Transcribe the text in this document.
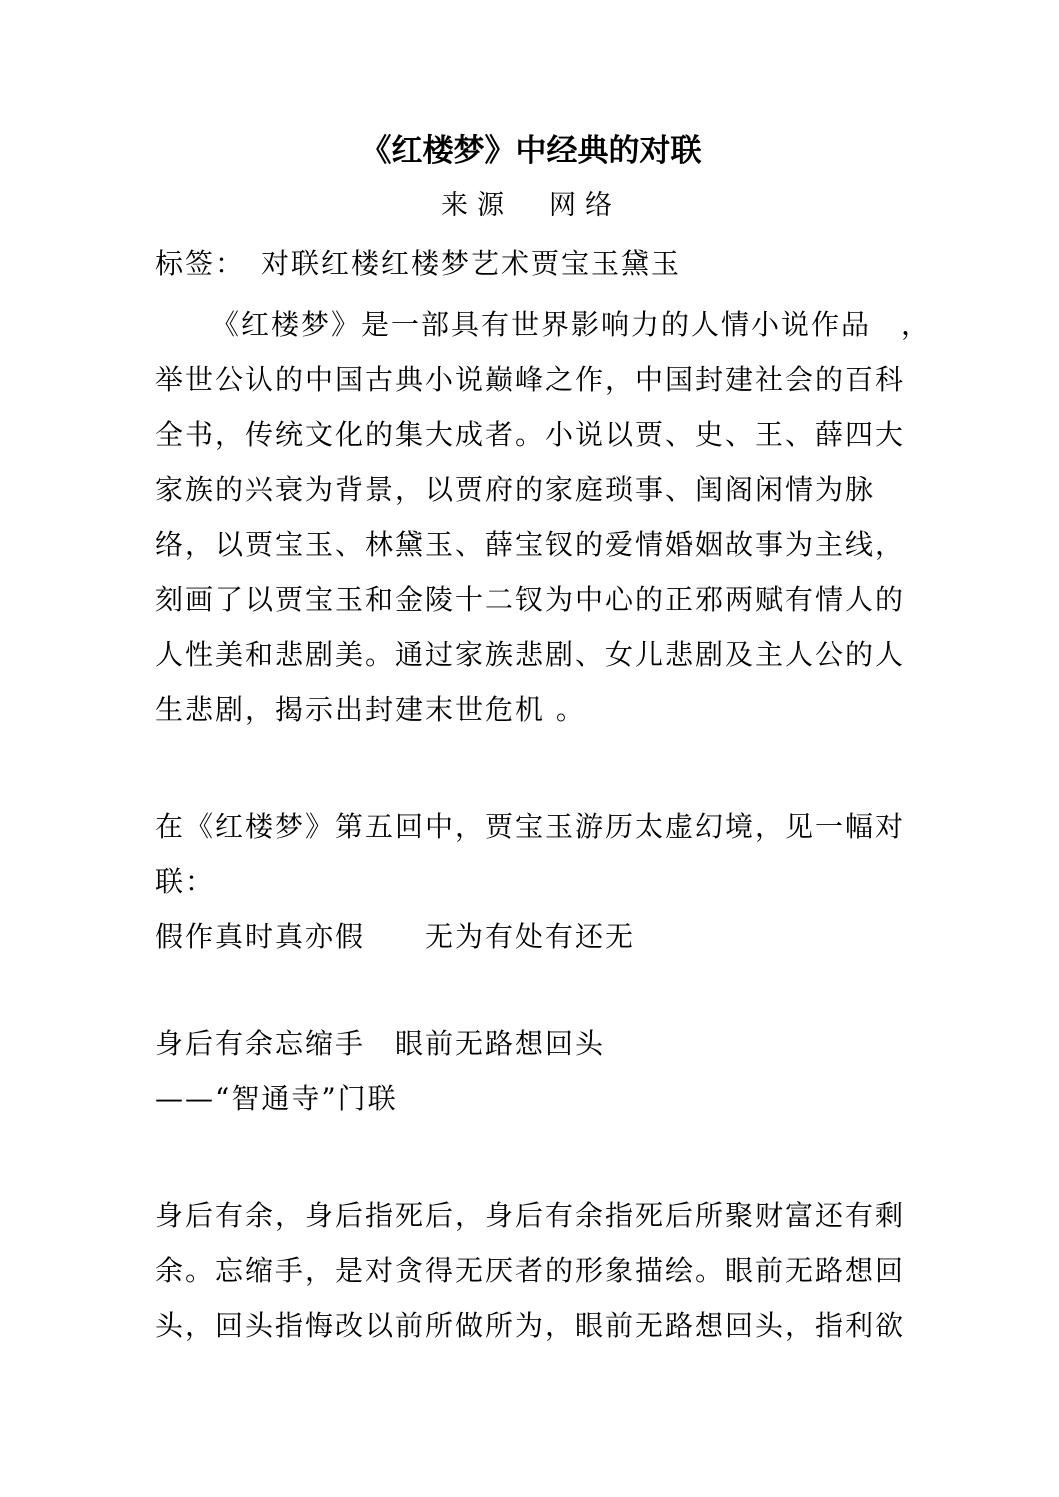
《红楼梦》中经典的对联
来源　网络
标签：　对联红楼红楼梦艺术贾宝玉黛玉
《红楼梦》是一部具有世界影响力的人情小说作品　，
举世公认的中国古典小说巅峰之作，中国封建社会的百科
全书，传统文化的集大成者。小说以贾、史、王、薛四大
家族的兴衰为背景，以贾府的家庭琐事、闺阁闲情为脉
络，以贾宝玉、林黛玉、薛宝钗的爱情婚姻故事为主线，
刻画了以贾宝玉和金陵十二钗为中心的正邪两赋有情人的
人性美和悲剧美。通过家族悲剧、女儿悲剧及主人公的人
生悲剧，揭示出封建末世危机 。
在《红楼梦》第五回中，贾宝玉游历太虚幻境，见一幅对
联：
假作真时真亦假　　无为有处有还无
身后有余忘缩手　眼前无路想回头
——“智通寺”门联
身后有余，身后指死后，身后有余指死后所聚财富还有剩
余。忘缩手，是对贪得无厌者的形象描绘。眼前无路想回
头，回头指悔改以前所做所为，眼前无路想回头，指利欲
